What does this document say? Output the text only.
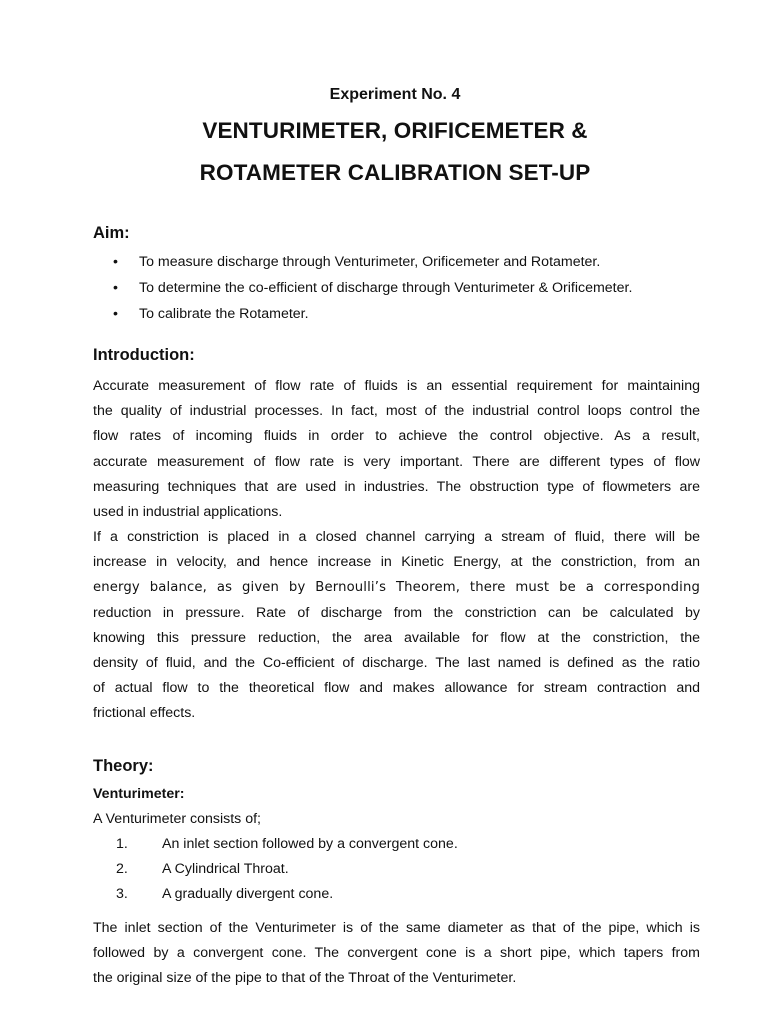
Experiment No. 4
VENTURIMETER, ORIFICEMETER &
ROTAMETER CALIBRATION SET-UP
Aim:
• To measure discharge through Venturimeter, Orificemeter and Rotameter.
• To determine the co-efficient of discharge through Venturimeter & Orificemeter.
• To calibrate the Rotameter.
Introduction:
Accurate measurement of flow rate of fluids is an essential requirement for maintaining
the quality of industrial processes. In fact, most of the industrial control loops control the
flow rates of incoming fluids in order to achieve the control objective. As a result,
accurate measurement of flow rate is very important. There are different types of flow
measuring techniques that are used in industries. The obstruction type of flowmeters are
used in industrial applications.
If a constriction is placed in a closed channel carrying a stream of fluid, there will be
increase in velocity, and hence increase in Kinetic Energy, at the constriction, from an
energy balance, as given by Bernoulli’s Theorem, there must be a corresponding
reduction in pressure. Rate of discharge from the constriction can be calculated by
knowing this pressure reduction, the area available for flow at the constriction, the
density of fluid, and the Co-efficient of discharge. The last named is defined as the ratio
of actual flow to the theoretical flow and makes allowance for stream contraction and
frictional effects.
Theory:
Venturimeter:
A Venturimeter consists of;
1. An inlet section followed by a convergent cone.
2. A Cylindrical Throat.
3. A gradually divergent cone.
The inlet section of the Venturimeter is of the same diameter as that of the pipe, which is
followed by a convergent cone. The convergent cone is a short pipe, which tapers from
the original size of the pipe to that of the Throat of the Venturimeter.
